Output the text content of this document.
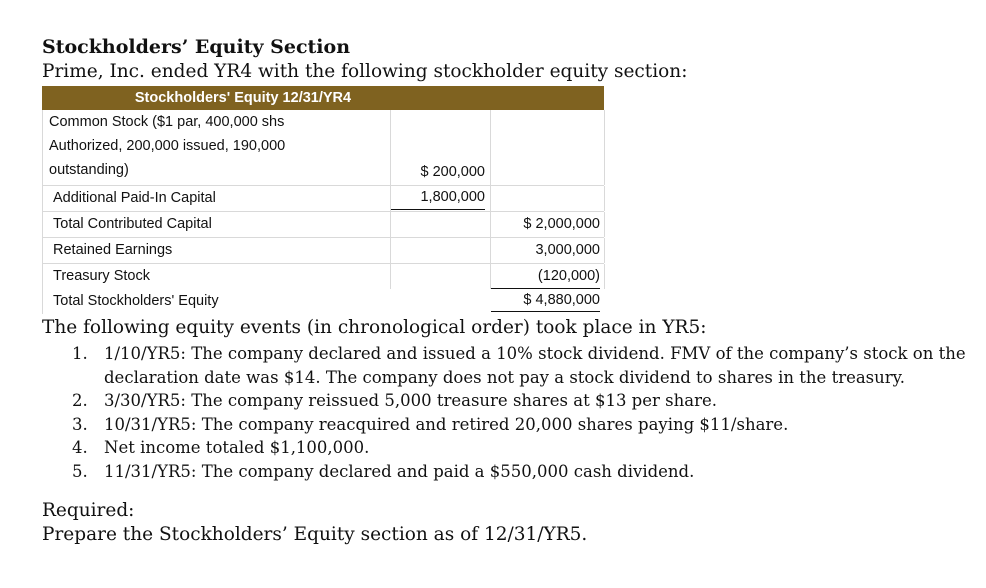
Stockholders’ Equity Section
Prime, Inc. ended YR4 with the following stockholder equity section:
Stockholders' Equity 12/31/YR4
Common Stock ($1 par, 400,000 shs
Authorized, 200,000 issued, 190,000
outstanding)	$ 200,000
Additional Paid-In Capital	1,800,000
Total Contributed Capital	$ 2,000,000
Retained Earnings	3,000,000
Treasury Stock	(120,000)
Total Stockholders' Equity	$ 4,880,000
The following equity events (in chronological order) took place in YR5:
1. 1/10/YR5: The company declared and issued a 10% stock dividend. FMV of the company’s stock on the declaration date was $14. The company does not pay a stock dividend to shares in the treasury.
2. 3/30/YR5: The company reissued 5,000 treasure shares at $13 per share.
3. 10/31/YR5: The company reacquired and retired 20,000 shares paying $11/share.
4. Net income totaled $1,100,000.
5. 11/31/YR5: The company declared and paid a $550,000 cash dividend.
Required:
Prepare the Stockholders’ Equity section as of 12/31/YR5.
